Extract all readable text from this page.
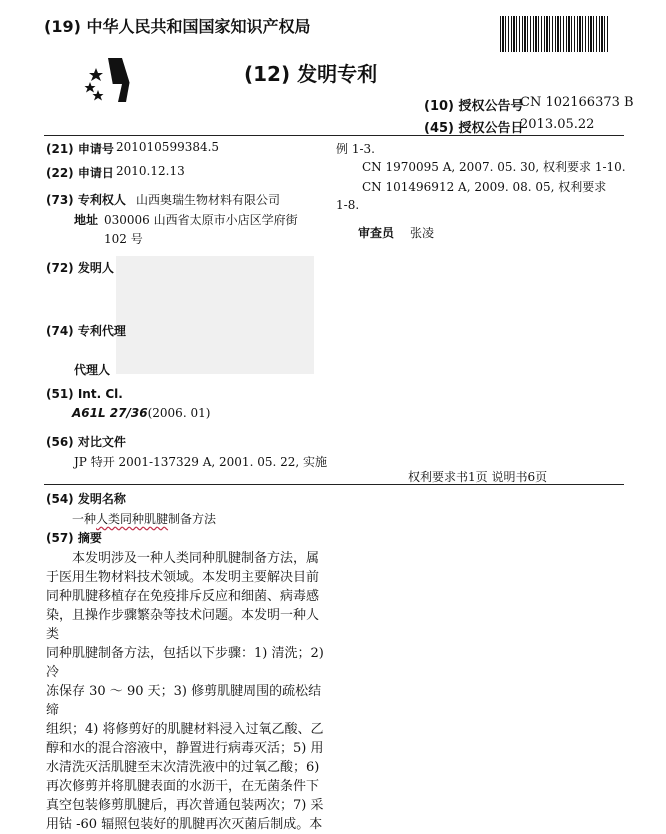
(19) 中华人民共和国国家知识产权局
(12) 发明专利
(10) 授权公告号
CN 102166373 B
(45) 授权公告日
2013.05.22
(21) 申请号 201010599384.5
(22) 申请日 2010.12.13
(73) 专利权人 山西奥瑞生物材料有限公司
地址 030006 山西省太原市小店区学府街
102 号
(72) 发明人
(74) 专利代理
代理人
(51) Int. Cl.
A61L 27/36(2006. 01)
(56) 对比文件
JP 特开 2001-137329 A, 2001. 05. 22, 实施
例 1-3.
CN 1970095 A, 2007. 05. 30, 权利要求 1-10.
CN 101496912 A, 2009. 08. 05, 权利要求
1-8.
审查员 张凌
权利要求书1页 说明书6页
(54) 发明名称
一种人类同种肌腱制备方法
(57) 摘要

本发明涉及一种人类同种肌腱制备方法，属

于医用生物材料技术领域。本发明主要解决目前

同种肌腱移植存在免疫排斥反应和细菌、病毒感

染，且操作步骤繁杂等技术问题。本发明一种人类

同种肌腱制备方法，包括以下步骤：1) 清洗；2) 冷

冻保存 30 ～ 90 天；3) 修剪肌腱周围的疏松结缔

组织；4) 将修剪好的肌腱材料浸入过氧乙酸、乙

醇和水的混合溶液中，静置进行病毒灭活；5) 用

水清洗灭活肌腱至末次清洗液中的过氧乙酸；6)

再次修剪并将肌腱表面的水沥干，在无菌条件下

真空包装修剪肌腱后，再次普通包装两次；7) 采

用钴 -60 辐照包装好的肌腱再次灭菌后制成。本
